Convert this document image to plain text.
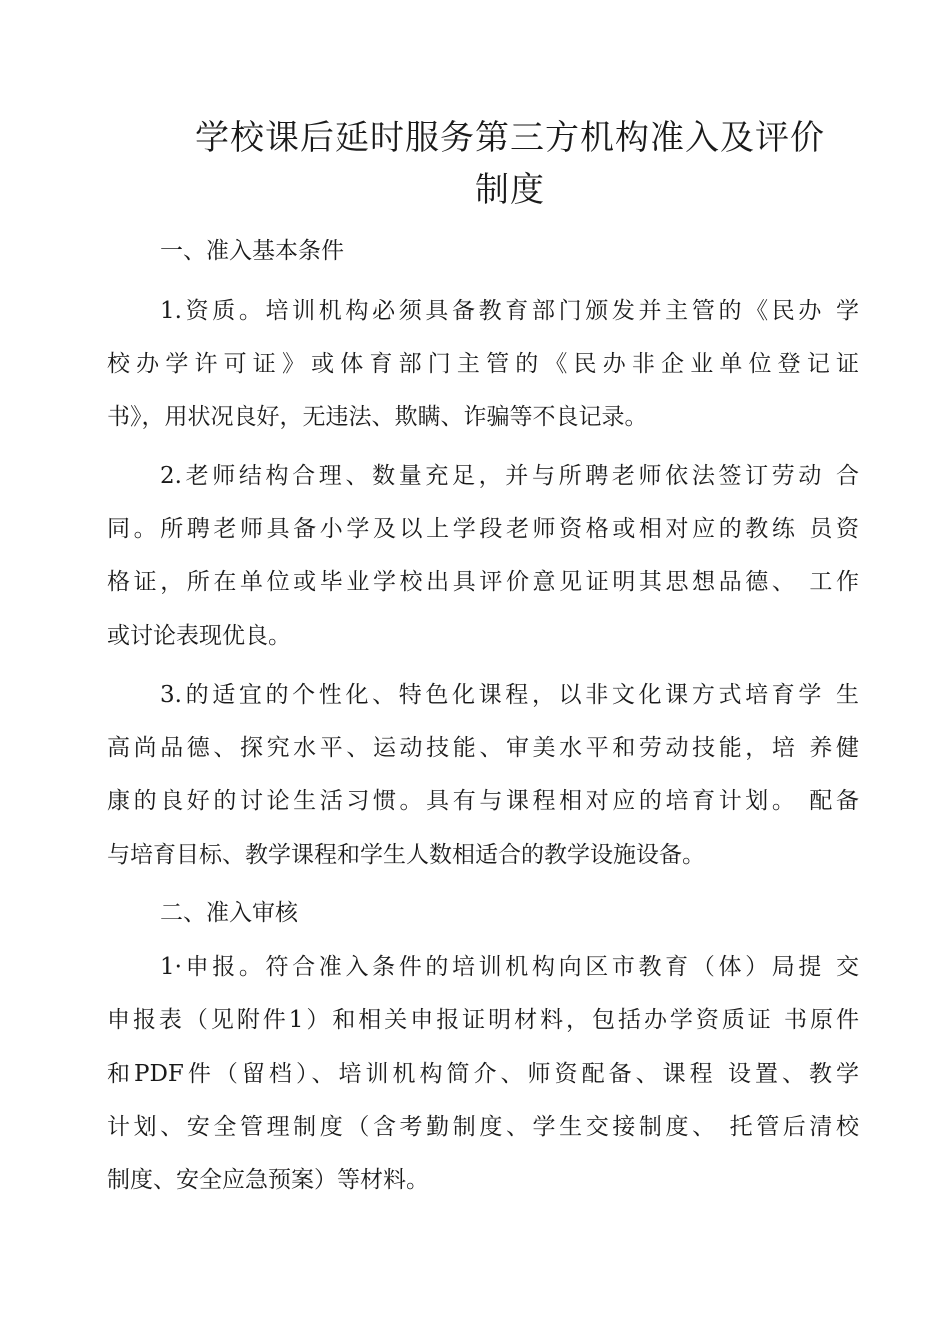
学校课后延时服务第三方机构准入及评价
制度
一、准入基本条件
1.资质。培训机构必须具备教育部门颁发并主管的《民办 学
校办学许可证》或体育部门主管的《民办非企业单位登记证
书》，用状况良好，无违法、欺瞒、诈骗等不良记录。
2.老师结构合理、数量充足，并与所聘老师依法签订劳动 合
同。所聘老师具备小学及以上学段老师资格或相对应的教练 员资
格证，所在单位或毕业学校出具评价意见证明其思想品德、 工作
或讨论表现优良。
3.的适宜的个性化、特色化课程，以非文化课方式培育学 生
高尚品德、探究水平、运动技能、审美水平和劳动技能，培 养健
康的良好的讨论生活习惯。具有与课程相对应的培育计划。 配备
与培育目标、教学课程和学生人数相适合的教学设施设备。
二、准入审核
1·申报。符合准入条件的培训机构向区市教育（体）局提 交
申报表（见附件1）和相关申报证明材料，包括办学资质证 书原件
和PDF件（留档）、培训机构简介、师资配备、课程 设置、教学
计划、安全管理制度（含考勤制度、学生交接制度、 托管后清校
制度、安全应急预案）等材料。
